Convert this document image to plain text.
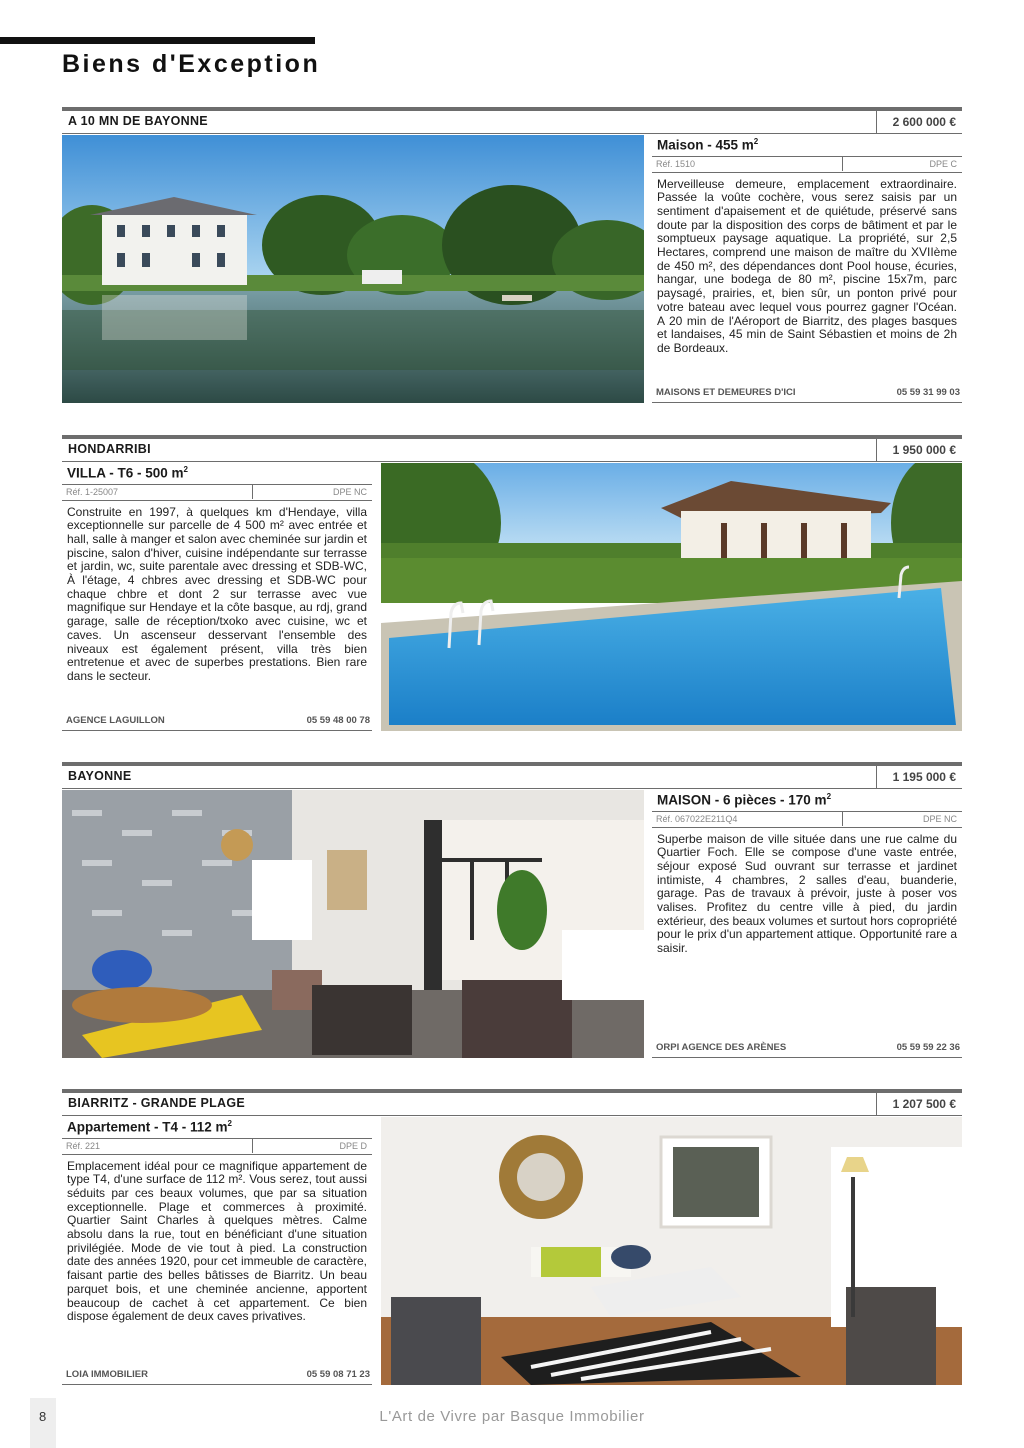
Biens d'Exception
A 10 MN DE BAYONNE	2 600 000 €
Maison - 455 $m^2$
Réf. 1510	DPE C
Merveilleuse demeure, emplacement extraordinaire. Passée la voûte cochère, vous serez saisis par un sentiment d'apaisement et de quiétude, préservé sans doute par la disposition des corps de bâtiment et par le somptueux paysage aquatique. La propriété, sur 2,5 Hectares, comprend une maison de maître du XVIIème de 450 m², des dépendances dont Pool house, écuries, hangar, une bodega de 80 m², piscine 15x7m, parc paysagé, prairies, et, bien sûr, un ponton privé pour votre bateau avec lequel vous pourrez gagner l'Océan. A 20 min de l'Aéroport de Biarritz, des plages basques et landaises, 45 min de Saint Sébastien et moins de 2h de Bordeaux.
MAISONS ET DEMEURES D'ICI	05 59 31 99 03
HONDARRIBI	1 950 000 €
VILLA - T6 - 500 $m^2$
Réf. 1-25007	DPE NC
Construite en 1997, à quelques km d'Hendaye, villa exceptionnelle sur parcelle de 4 500 m² avec entrée et hall, salle à manger et salon avec cheminée sur jardin et piscine, salon d'hiver, cuisine indépendante sur terrasse et jardin, wc, suite parentale avec dressing et SDB-WC, À l'étage, 4 chbres avec dressing et SDB-WC pour chaque chbre et dont 2 sur terrasse avec vue magnifique sur Hendaye et la côte basque, au rdj, grand garage, salle de réception/txoko avec cuisine, wc et caves. Un ascenseur desservant l'ensemble des niveaux est également présent, villa très bien entretenue et avec de superbes prestations. Bien rare dans le secteur.
AGENCE LAGUILLON	05 59 48 00 78
BAYONNE	1 195 000 €
MAISON - 6 pièces - 170 $m^2$
Réf. 067022E211Q4	DPE NC
Superbe maison de ville située dans une rue calme du Quartier Foch. Elle se compose d'une vaste entrée, séjour exposé Sud ouvrant sur terrasse et jardinet intimiste, 4 chambres, 2 salles d'eau, buanderie, garage. Pas de travaux à prévoir, juste à poser vos valises. Profitez du centre ville à pied, du jardin extérieur, des beaux volumes et surtout hors copropriété pour le prix d'un appartement attique. Opportunité rare a saisir.
ORPI AGENCE DES ARÈNES	05 59 59 22 36
BIARRITZ - GRANDE PLAGE	1 207 500 €
Appartement - T4 - 112 $m^2$
Réf. 221	DPE D
Emplacement idéal pour ce magnifique appartement de type T4, d'une surface de 112 m². Vous serez, tout aussi séduits par ces beaux volumes, que par sa situation exceptionnelle. Plage et commerces à proximité. Quartier Saint Charles à quelques mètres. Calme absolu dans la rue, tout en bénéficiant d'une situation privilégiée. Mode de vie tout à pied. La construction date des années 1920, pour cet immeuble de caractère, faisant partie des belles bâtisses de Biarritz. Un beau parquet bois, et une cheminée ancienne, apportent beaucoup de cachet à cet appartement. Ce bien dispose également de deux caves privatives.
LOIA IMMOBILIER	05 59 08 71 23
8	L'Art de Vivre par Basque Immobilier
